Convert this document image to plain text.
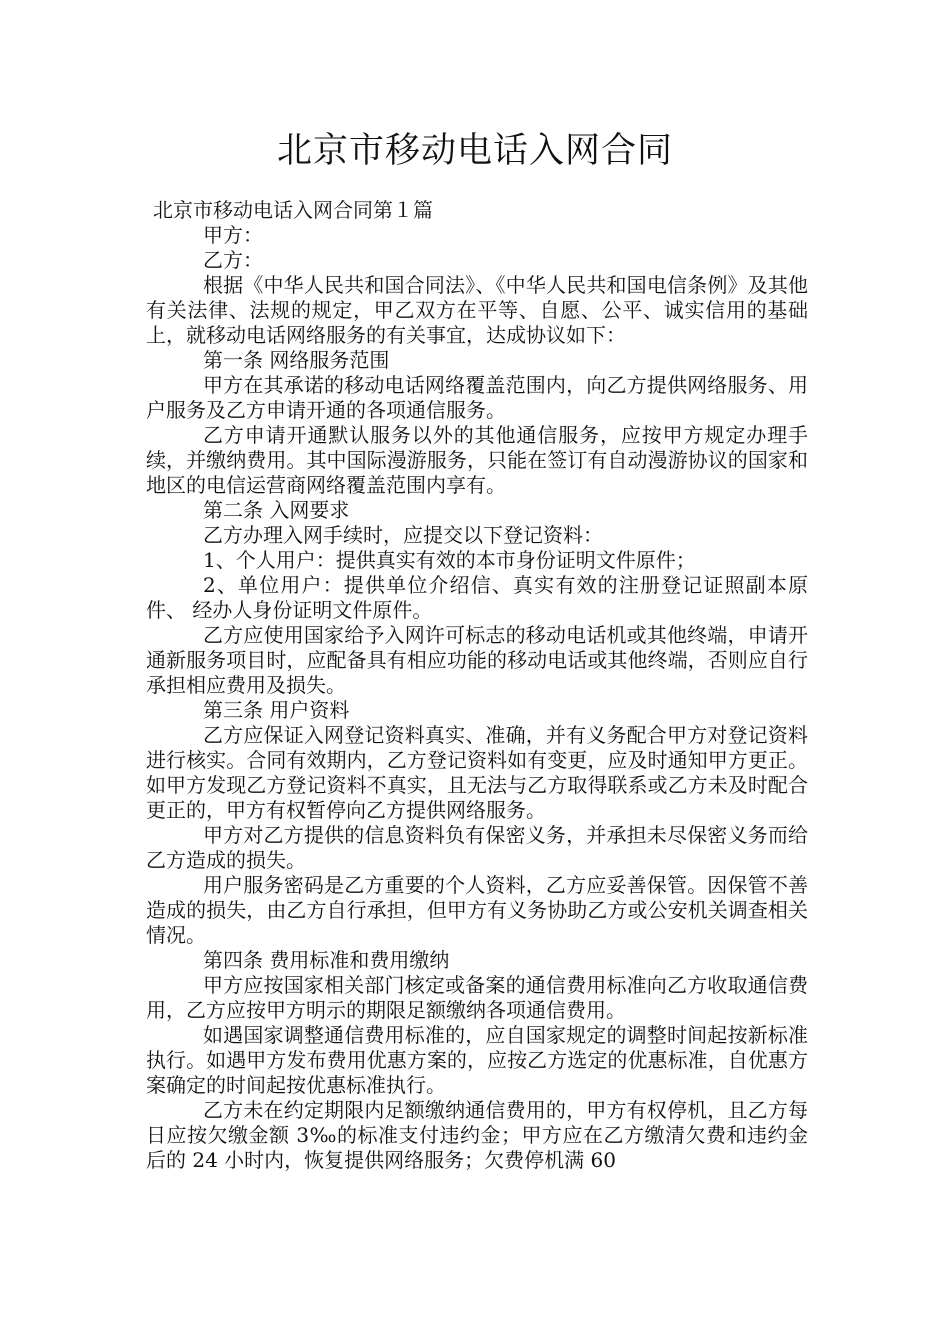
北京市移动电话入网合同

北京市移动电话入网合同第１篇

甲方：

乙方：

根据《中华人民共和国合同法》、《中华人民共和国电信条例》及其他有关法律、法规的规定，甲乙双方在平等、自愿、公平、诚实信用的基础上，就移动电话网络服务的有关事宜，达成协议如下：

第一条 网络服务范围

甲方在其承诺的移动电话网络覆盖范围内，向乙方提供网络服务、用户服务及乙方申请开通的各项通信服务。

乙方申请开通默认服务以外的其他通信服务，应按甲方规定办理手续，并缴纳费用。其中国际漫游服务，只能在签订有自动漫游协议的国家和地区的电信运营商网络覆盖范围内享有。

第二条 入网要求

乙方办理入网手续时，应提交以下登记资料：

1、个人用户：提供真实有效的本市身份证明文件原件；

2、单位用户：提供单位介绍信、真实有效的注册登记证照副本原件、 经办人身份证明文件原件。

乙方应使用国家给予入网许可标志的移动电话机或其他终端，申请开通新服务项目时，应配备具有相应功能的移动电话或其他终端，否则应自行承担相应费用及损失。

第三条 用户资料

乙方应保证入网登记资料真实、准确，并有义务配合甲方对登记资料进行核实。合同有效期内，乙方登记资料如有变更，应及时通知甲方更正。如甲方发现乙方登记资料不真实，且无法与乙方取得联系或乙方未及时配合更正的，甲方有权暂停向乙方提供网络服务。

甲方对乙方提供的信息资料负有保密义务，并承担未尽保密义务而给乙方造成的损失。

用户服务密码是乙方重要的个人资料，乙方应妥善保管。因保管不善造成的损失，由乙方自行承担，但甲方有义务协助乙方或公安机关调查相关情况。

第四条 费用标准和费用缴纳

甲方应按国家相关部门核定或备案的通信费用标准向乙方收取通信费用，乙方应按甲方明示的期限足额缴纳各项通信费用。

如遇国家调整通信费用标准的，应自国家规定的调整时间起按新标准执行。如遇甲方发布费用优惠方案的，应按乙方选定的优惠标准，自优惠方案确定的时间起按优惠标准执行。

乙方未在约定期限内足额缴纳通信费用的，甲方有权停机，且乙方每日应按欠缴金额 3‰的标准支付违约金；甲方应在乙方缴清欠费和违约金后的 24 小时内，恢复提供网络服务；欠费停机满 60
